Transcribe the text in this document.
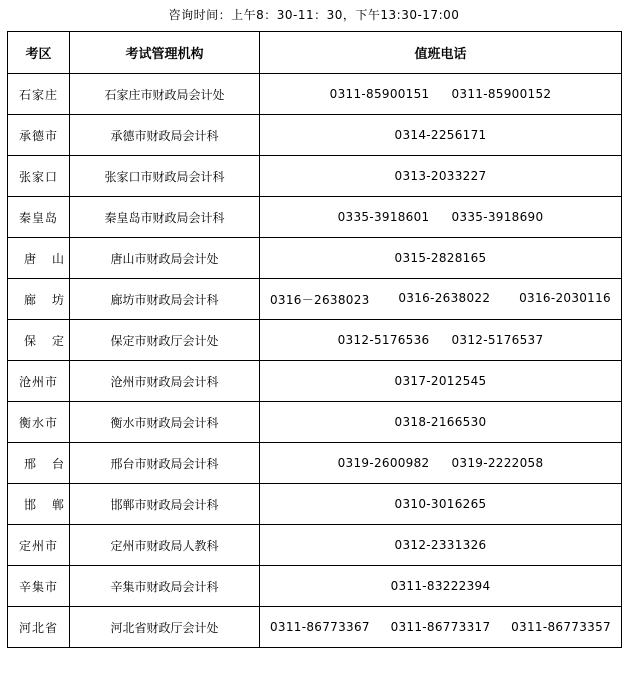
咨询时间：上午8：30-11：30，下午13:30-17:00
考区	考试管理机构	值班电话
石家庄	石家庄市财政局会计处	0311-85900151 0311-85900152

承德市	承德市财政局会计科	0314-2256171

张家口	张家口市财政局会计科	0313-2033227

秦皇岛	秦皇岛市财政局会计科	0335-3918601 0335-3918690

唐山	唐山市财政局会计处	0315-2828165

廊坊	廊坊市财政局会计科	0316－2638023 0316-2638022 0316-2030116

保定	保定市财政厅会计处	0312-5176536 0312-5176537

沧州市	沧州市财政局会计科	0317-2012545

衡水市	衡水市财政局会计科	0318-2166530

邢台	邢台市财政局会计科	0319-2600982 0319-2222058

邯郸	邯郸市财政局会计科	0310-3016265

定州市	定州市财政局人教科	0312-2331326

辛集市	辛集市财政局会计科	0311-83222394

河北省	河北省财政厅会计处	0311-86773367 0311-86773317 0311-86773357
